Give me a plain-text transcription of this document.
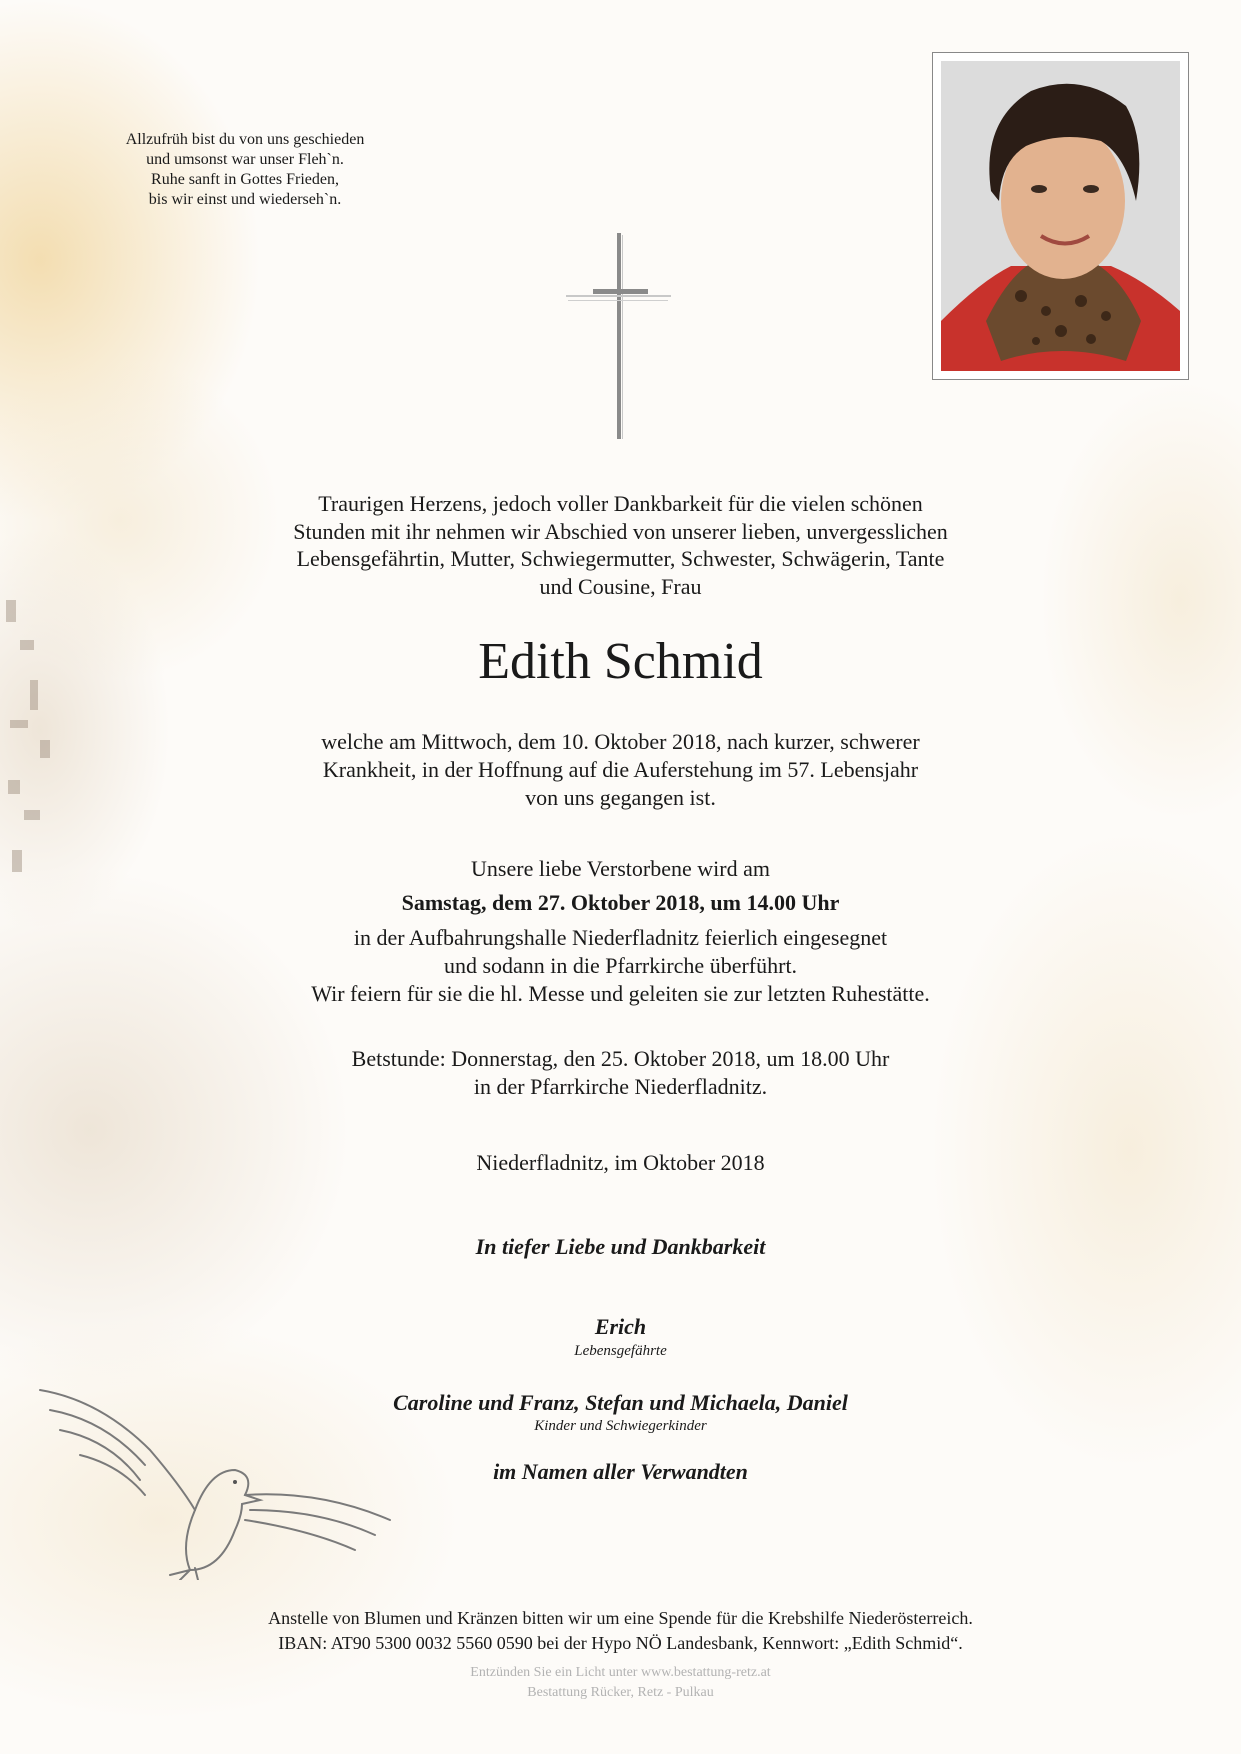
Allzufrüh bist du von uns geschieden
und umsonst war unser Fleh`n.
Ruhe sanft in Gottes Frieden,
bis wir einst und wiederseh`n.
Traurigen Herzens, jedoch voller Dankbarkeit für die vielen schönen
Stunden mit ihr nehmen wir Abschied von unserer lieben, unvergesslichen
Lebensgefährtin, Mutter, Schwiegermutter, Schwester, Schwägerin, Tante
und Cousine, Frau
Edith Schmid
welche am Mittwoch, dem 10. Oktober 2018, nach kurzer, schwerer
Krankheit, in der Hoffnung auf die Auferstehung im 57. Lebensjahr
von uns gegangen ist.
Unsere liebe Verstorbene wird am
Samstag, dem 27. Oktober 2018, um 14.00 Uhr
in der Aufbahrungshalle Niederfladnitz feierlich eingesegnet
und sodann in die Pfarrkirche überführt.
Wir feiern für sie die hl. Messe und geleiten sie zur letzten Ruhestätte.
Betstunde: Donnerstag, den 25. Oktober 2018, um 18.00 Uhr
in der Pfarrkirche Niederfladnitz.
Niederfladnitz, im Oktober 2018
In tiefer Liebe und Dankbarkeit
Erich
Lebensgefährte
Caroline und Franz, Stefan und Michaela, Daniel
Kinder und Schwiegerkinder
im Namen aller Verwandten
Anstelle von Blumen und Kränzen bitten wir um eine Spende für die Krebshilfe Niederösterreich.
IBAN: AT90 5300 0032 5560 0590 bei der Hypo NÖ Landesbank, Kennwort: „Edith Schmid“.
Entzünden Sie ein Licht unter www.bestattung-retz.at
Bestattung Rücker, Retz - Pulkau
